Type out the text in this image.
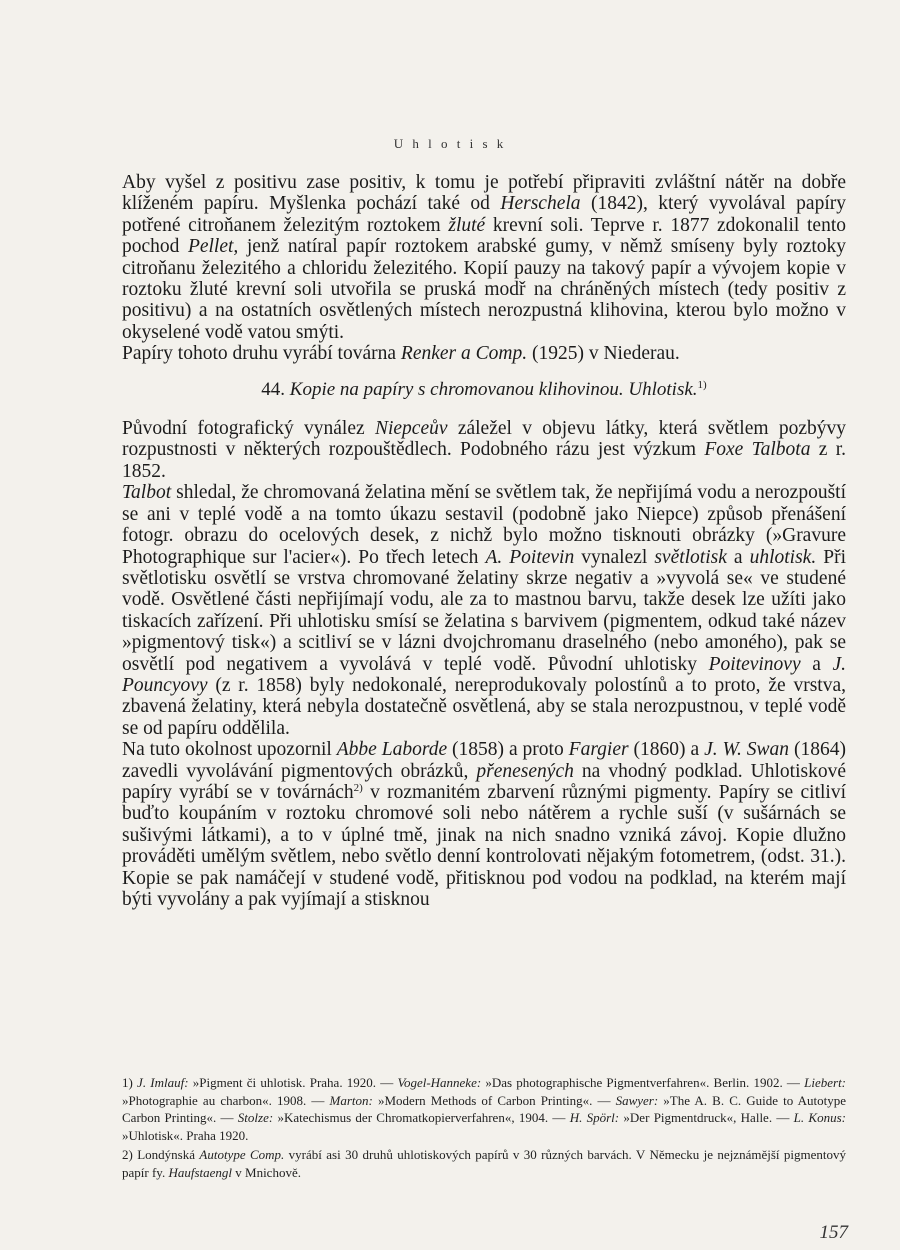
U h l o t i s k

Aby vyšel z positivu zase positiv, k tomu je potřebí připraviti zvláštní nátěr na dobře klíženém papíru. Myšlenka pochází také od Herschela (1842), který vyvolával papíry potřené citroňanem železitým roztokem žluté krevní soli. Teprve r. 1877 zdokonalil tento pochod Pellet, jenž natíral papír roztokem arabské gumy, v němž smíseny byly roztoky citroňanu železitého a chloridu železitého. Kopií pauzy na takový papír a vývojem kopie v roztoku žluté krevní soli utvořila se pruská modř na chráněných místech (tedy positiv z positivu) a na ostatních osvětlených místech nerozpustná klihovina, kterou bylo možno v okyselené vodě vatou smýti.

Papíry tohoto druhu vyrábí továrna Renker a Comp. (1925) v Niederau.

44. Kopie na papíry s chromovanou klihovinou. Uhlotisk.$^{1)}$

Původní fotografický vynález Niepceův záležel v objevu látky, která světlem pozbývy rozpustnosti v některých rozpouštědlech. Podobného rázu jest výzkum Foxe Talbota z r. 1852.

Talbot shledal, že chromovaná želatina mění se světlem tak, že nepřijímá vodu a nerozpouští se ani v teplé vodě a na tomto úkazu sestavil (podobně jako Niepce) způsob přenášení fotogr. obrazu do ocelových desek, z nichž bylo možno tisknouti obrázky (»Gravure Photographique sur l'acier«). Po třech letech A. Poitevin vynalezl světlotisk a uhlotisk. Při světlotisku osvětlí se vrstva chromované želatiny skrze negativ a »vyvolá se« ve studené vodě. Osvětlené části nepřijímají vodu, ale za to mastnou barvu, takže desek lze užíti jako tiskacích zařízení. Při uhlotisku smísí se želatina s barvivem (pigmentem, odkud také název »pigmentový tisk«) a scitliví se v lázni dvojchromanu draselného (nebo amoného), pak se osvětlí pod negativem a vyvolává v teplé vodě. Původní uhlotisky Poitevinovy a J. Pouncyovy (z r. 1858) byly nedokonalé, nereprodukovaly polostínů a to proto, že vrstva, zbavená želatiny, která nebyla dostatečně osvětlená, aby se stala nerozpustnou, v teplé vodě se od papíru oddělila.

Na tuto okolnost upozornil Abbe Laborde (1858) a proto Fargier (1860) a J. W. Swan (1864) zavedli vyvolávání pigmentových obrázků, přenesených na vhodný podklad. Uhlotiskové papíry vyrábí se v továrnách$^{2)}$ v rozmanitém zbarvení různými pigmenty. Papíry se citliví buďto koupáním v roztoku chromové soli nebo nátěrem a rychle suší (v sušárnách se sušivými látkami), a to v úplné tmě, jinak na nich snadno vzniká závoj. Kopie dlužno prováděti umělým světlem, nebo světlo denní kontrolovati nějakým fotometrem, (odst. 31.). Kopie se pak namáčejí v studené vodě, přitisknou pod vodou na podklad, na kterém mají býti vyvolány a pak vyjímají a stisknou

1) J. Imlauf: »Pigment či uhlotisk. Praha. 1920. — Vogel-Hanneke: »Das photographische Pigmentverfahren«. Berlin. 1902. — Liebert: »Photographie au charbon«. 1908. — Marton: »Modern Methods of Carbon Printing«. — Sawyer: »The A. B. C. Guide to Autotype Carbon Printing«. — Stolze: »Katechismus der Chromatkopierverfahren«, 1904. — H. Spörl: »Der Pigmentdruck«, Halle. — L. Konus: »Uhlotisk«. Praha 1920.

2) Londýnská Autotype Comp. vyrábí asi 30 druhů uhlotiskových papírů v 30 různých barvách. V Německu je nejznámější pigmentový papír fy. Haufstaengl v Mnichově.

157
